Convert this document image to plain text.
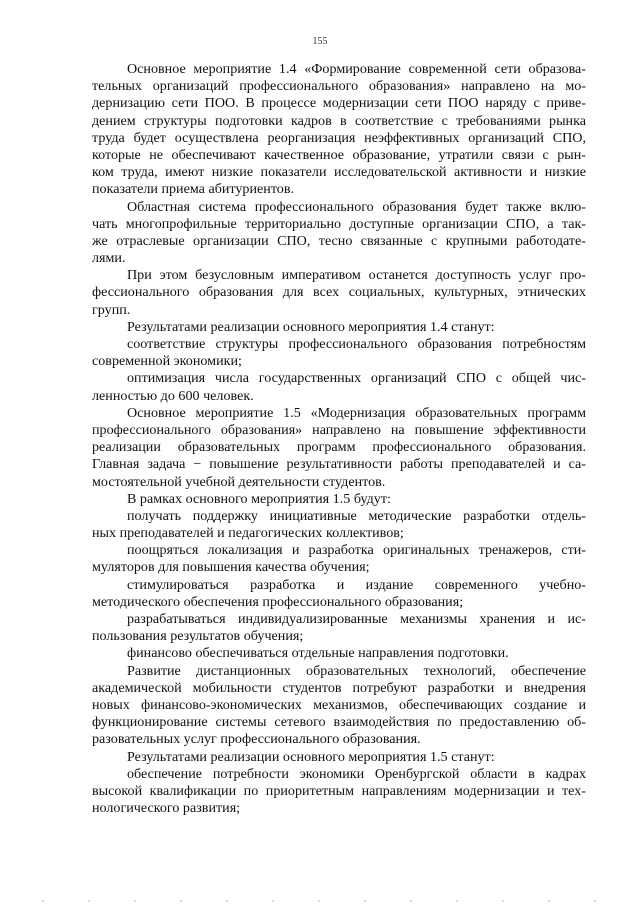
155
Основное мероприятие 1.4 «Формирование современной сети образова-
тельных организаций профессионального образования» направлено на мо-
дернизацию сети ПОО. В процессе модернизации сети ПОО наряду с приве-
дением структуры подготовки кадров в соответствие с требованиями рынка
труда будет осуществлена реорганизация неэффективных организаций СПО,
которые не обеспечивают качественное образование, утратили связи с рын-
ком труда, имеют низкие показатели исследовательской активности и низкие
показатели приема абитуриентов.
Областная система профессионального образования будет также вклю-
чать многопрофильные территориально доступные организации СПО, а так-
же отраслевые организации СПО, тесно связанные с крупными работодате-
лями.
При этом безусловным императивом останется доступность услуг про-
фессионального образования для всех социальных, культурных, этнических
групп.
Результатами реализации основного мероприятия 1.4 станут:
соответствие структуры профессионального образования потребностям
современной экономики;
оптимизация числа государственных организаций СПО с общей чис-
ленностью до 600 человек.
Основное мероприятие 1.5 «Модернизация образовательных программ
профессионального образования» направлено на повышение эффективности
реализации образовательных программ профессионального образования.
Главная задача − повышение результативности работы преподавателей и са-
мостоятельной учебной деятельности студентов.
В рамках основного мероприятия 1.5 будут:
получать поддержку инициативные методические разработки отдель-
ных преподавателей и педагогических коллективов;
поощряться локализация и разработка оригинальных тренажеров, сти-
муляторов для повышения качества обучения;
стимулироваться разработка и издание современного учебно-
методического обеспечения профессионального образования;
разрабатываться индивидуализированные механизмы хранения и ис-
пользования результатов обучения;
финансово обеспечиваться отдельные направления подготовки.
Развитие дистанционных образовательных технологий, обеспечение
академической мобильности студентов потребуют разработки и внедрения
новых финансово-экономических механизмов, обеспечивающих создание и
функционирование системы сетевого взаимодействия по предоставлению об-
разовательных услуг профессионального образования.
Результатами реализации основного мероприятия 1.5 станут:
обеспечение потребности экономики Оренбургской области в кадрах
высокой квалификации по приоритетным направлениям модернизации и тех-
нологического развития;
